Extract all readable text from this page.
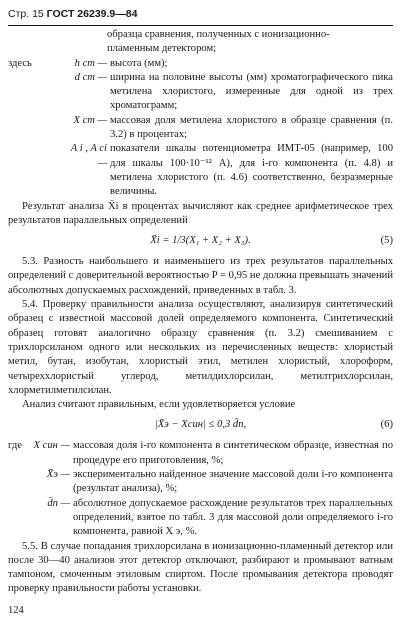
Стр. 15 ГОСТ 26239.9—84
образца сравнения, полученных с ионизационно-
пламенным детектором;
здесь	h ст — высота (мм);
d ст — ширина на половине высоты (мм) хроматографического пика метилена хлористого, измеренные для одной из трех хроматограмм;
X ст — массовая доля метилена хлористого в образце сравнения (п. 3.2) в процентах;
A i , A ci —
показатели шкалы потенциометра ИМТ-05 (например, 100 для шкалы 100·10⁻¹² А), для i-го компонента (п. 4.8) и метилена хлористого (п. 4.6) соответственно, безразмерные величины.

Результат анализа X̄i в процентах вычисляют как среднее арифметическое трех результатов параллельных определений

X̄i = 1/3(X₁ + X₂ + X₃).	(5)

5.3. Разность наибольшего и наименьшего из трех результатов параллельных определений с доверительной вероятностью P = 0,95 не должна превышать значений абсолютных допускаемых расхождений, приведенных в табл. 3.

5.4. Проверку правильности анализа осуществляют, анализируя синтетический образец с известной массовой долей определяемого компонента. Синтетический образец готовят аналогично образцу сравнения (п. 3.2) смешиванием с трихлорсиланом одного или нескольких из перечисленных веществ: хлористый метил, бутан, изобутан, хлористый этил, метилен хлористый, хлороформ, четыреххлористый углерод, метилдихлорсилан, метилтрихлорсилан, хлорметилметилсилан.

Анализ считают правильным, если удовлетворяется условие

|X̄э − Xсин| ≤ 0,3 d̄п,	(6)
где	X син — массовая доля i-го компонента в синтетическом образце, известная по процедуре его приготовления, %;
X̄э — экспериментально найденное значение массовой доли i-го компонента (результат анализа), %;
d̄п — абсолютное допускаемое расхождение результатов трех параллельных определений, взятое по табл. 3 для массовой доли определяемого i-го компонента, равной X э, %.

5.5. В случае попадания трихлорсилана в ионизационно-пламенный детектор или после 30—40 анализов этот детектор отключают, разбирают и промывают ватным тампоном, смоченным этиловым спиртом. После промывания детектора проводят проверку правильности работы установки.

124
